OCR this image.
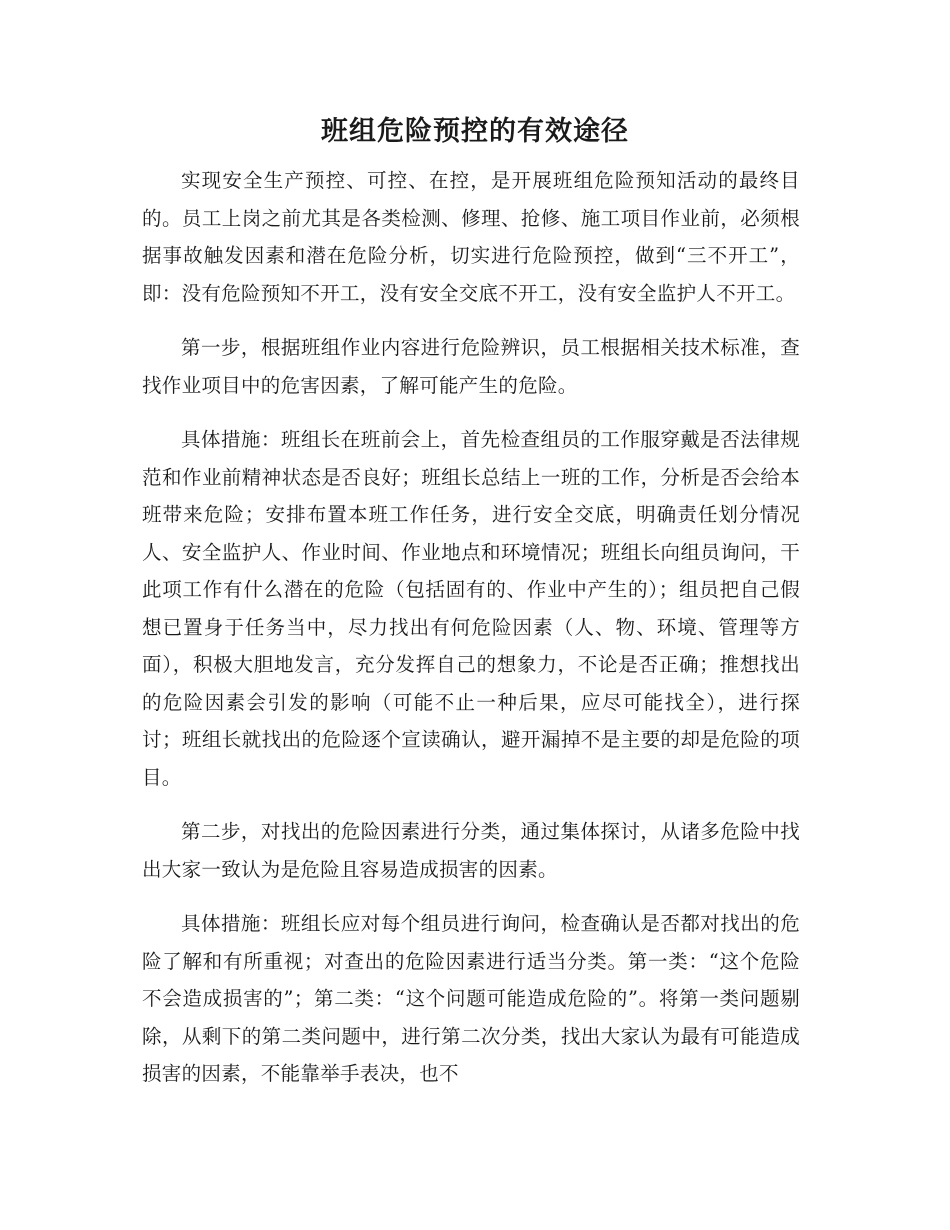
班组危险预控的有效途径

实现安全生产预控、可控、在控，是开展班组危险预知活动的最终目的。员工上岗之前尤其是各类检测、修理、抢修、施工项目作业前，必须根据事故触发因素和潜在危险分析，切实进行危险预控，做到“三不开工”，即：没有危险预知不开工，没有安全交底不开工，没有安全监护人不开工。

第一步，根据班组作业内容进行危险辨识，员工根据相关技术标准，查找作业项目中的危害因素，了解可能产生的危险。

具体措施：班组长在班前会上，首先检查组员的工作服穿戴是否法律规范和作业前精神状态是否良好；班组长总结上一班的工作，分析是否会给本班带来危险；安排布置本班工作任务，进行安全交底，明确责任划分情况人、安全监护人、作业时间、作业地点和环境情况；班组长向组员询问，干此项工作有什么潜在的危险（包括固有的、作业中产生的）；组员把自己假想已置身于任务当中，尽力找出有何危险因素（人、物、环境、管理等方面），积极大胆地发言，充分发挥自己的想象力，不论是否正确；推想找出的危险因素会引发的影响（可能不止一种后果，应尽可能找全），进行探讨；班组长就找出的危险逐个宣读确认，避开漏掉不是主要的却是危险的项目。

第二步，对找出的危险因素进行分类，通过集体探讨，从诸多危险中找出大家一致认为是危险且容易造成损害的因素。

具体措施：班组长应对每个组员进行询问，检查确认是否都对找出的危险了解和有所重视；对查出的危险因素进行适当分类。第一类：“这个危险不会造成损害的”；第二类：“这个问题可能造成危险的”。将第一类问题剔除，从剩下的第二类问题中，进行第二次分类，找出大家认为最有可能造成损害的因素，不能靠举手表决，也不
